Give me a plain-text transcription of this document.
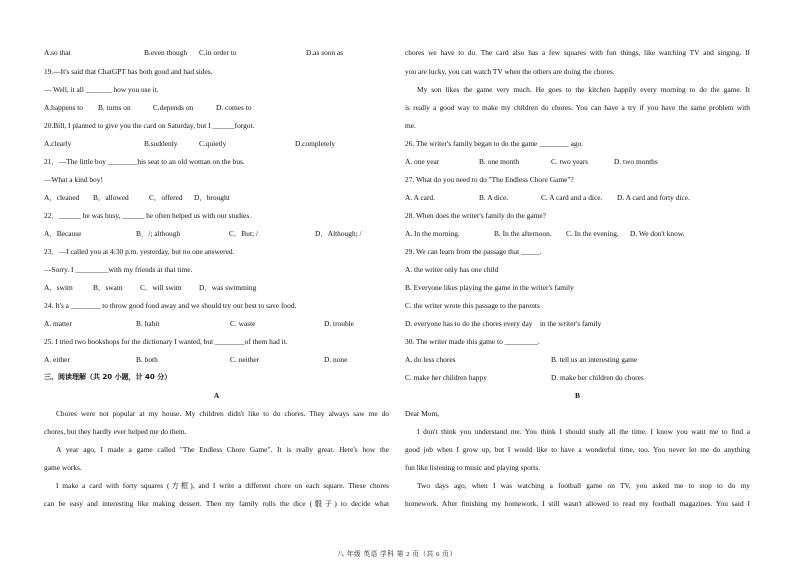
A.so that	B.even though C.in order to	D.as soon as
19.—It's said that ChatGPT has both good and bad sides.
— Well, it all _______ how you use it.
A.happens to B. turns on	C.depends on	D. comes to
20.Bill, I planned to give you the card on Saturday, but I ______forgot.
A.clearly	B.suddenly	C.quietly	D.completely
21．—The little boy ________his seat to an old woman on the bus.
—What a kind boy!
A．cleaned B．allowed	C．offered D．brought
22．______ he was busy, ______ he often helped us with our studies.
A．Because	B．/; although	C．But; /	D．Although; /
23．—I called you at 4:30 p.m. yesterday, but no one answered.
—Sorry. I _________with my friends at that time.
A．swim	B．swam C．will swim D．was swimming
24. It's a ________ to throw good food away and we should try our best to save food.
A. matter	B. habit	C. waste	D. trouble
25. I tried two bookshops for the dictionary I wanted, but ________of them had it.
A. either	B. both	C. neither	D. none
三、阅读理解（共 20 小题，计 40 分）
A
Chores were not popular at my house. My children didn't like to do chores. They always saw me do
chores, but they hardly ever helped me do them.
A year ago, I made a game called "The Endless Chore Game". It is really great. Here's how the
game works.
I make a card with forty squares (方框), and I write a different chore on each square. These chores
can be easy and interesting like making dessert. Then my family rolls the dice (骰子) to decide what
chores we have to do. The card also has a few squares with fun things, like watching TV and singing. If
you are lucky, you can watch TV when the others are doing the chores.
My son likes the game very much. He goes to the kitchen happily every morning to do the game. It
is really a good way to make my children do chores. You can have a try if you have the same problem with
me.
26. The writer's family began to do the game ________ ago.
A. one year	B. one month	C. two years	D. two months
27. What do you need to do "The Endless Chore Game"?
A. A card.	B. A dice.	C. A card and a dice. D. A card and forty dice.
28. When does the writer's family do the game?
A. In the morning.	B. In the afternoon. C. In the evening. D. We don't know.
29. We can learn from the passage that _____.
A. the writer only has one child
B. Everyone likes playing the game in the writer's family
C. the writer wrote this passage to the parents
D. everyone has to do the chores every day    in the writer's family
30. The writer made this game to _________.
A. do less chores	B. tell us an interesting game
C. make her children happy	D. make her children do chores
B
Dear Mom,
I don't think you understand me. You think I should study all the time. I know you want me to find a
good job when I grow up, but I would like to have a wonderful time, too. You never let me do anything
fun like listening to music and playing sports.
Two days ago, when I was watching a football game on TV, you asked me to stop to do my
homework. After finishing my homework, I still wasn't allowed to read my football magazines. You said I
八 年级 英语 学科 第 2 页（共 6 页）
